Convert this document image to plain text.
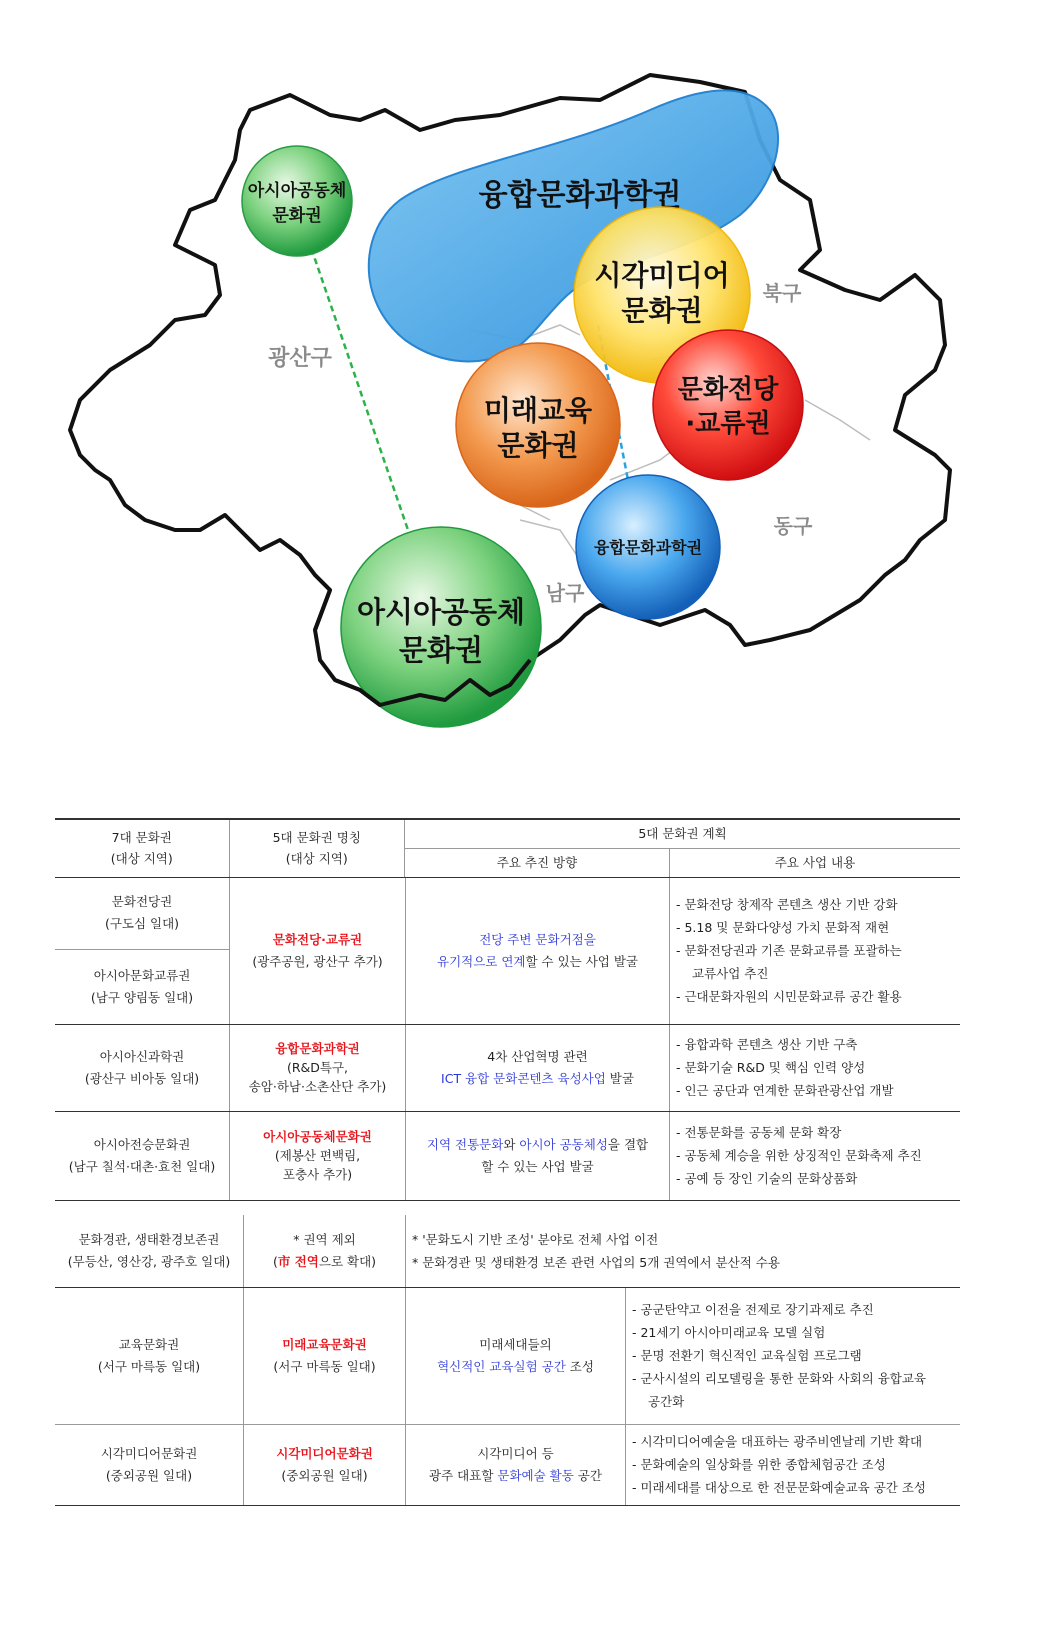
광산구
북구
동구
남구
융합문화과학권
아시아공동체
문화권
시각미디어
문화권
문화전당
·교류권
미래교육
문화권
융합문화과학권
아시아공동체
문화권
7대 문화권
(대상 지역)
5대 문화권 명칭
(대상 지역)
5대 문화권 계획
주요 추진 방향	주요 사업 내용
문화전당권
(구도심 일대)
아시아문화교류권
(남구 양림동 일대)
문화전당·교류권
(광주공원, 광산구 추가)
전당 주변 문화거점을
유기적으로 연계할 수 있는 사업 발굴
- 문화전당 창제작 콘텐츠 생산 기반 강화
- 5.18 및 문화다양성 가치 문화적 재현
- 문화전당권과 기존 문화교류를 포괄하는
교류사업 추진
- 근대문화자원의 시민문화교류 공간 활용
아시아신과학권
(광산구 비아동 일대)
융합문화과학권
(R&D특구,
송암·하남·소촌산단 추가)
4차 산업혁명 관련
ICT 융합 문화콘텐츠 육성사업 발굴
- 융합과학 콘텐츠 생산 기반 구축
- 문화기술 R&D 및 핵심 인력 양성
- 인근 공단과 연계한 문화관광산업 개발
아시아전승문화권
(남구 칠석·대촌·효천 일대)
아시아공동체문화권
(제봉산 편백림,
포충사 추가)
지역 전통문화와 아시아 공동체성을 결합
할 수 있는 사업 발굴
- 전통문화를 공동체 문화 확장
- 공동체 계승을 위한 상징적인 문화축제 추진
- 공예 등 장인 기술의 문화상품화
문화경관, 생태환경보존권
(무등산, 영산강, 광주호 일대)
* 권역 제외
(市 전역으로 확대)
* '문화도시 기반 조성' 분야로 전체 사업 이전
* 문화경관 및 생태환경 보존 관련 사업의 5개 권역에서 분산적 수용
교육문화권
(서구 마륵동 일대)
미래교육문화권
(서구 마륵동 일대)
미래세대들의
혁신적인 교육실험 공간 조성
- 공군탄약고 이전을 전제로 장기과제로 추진
- 21세기 아시아미래교육 모델 실험
- 문명 전환기 혁신적인 교육실험 프로그램
- 군사시설의 리모델링을 통한 문화와 사회의 융합교육
공간화
시각미디어문화권
(중외공원 일대)
시각미디어문화권
(중외공원 일대)
시각미디어 등
광주 대표할 문화예술 활동 공간
- 시각미디어예술을 대표하는 광주비엔날레 기반 확대
- 문화예술의 일상화를 위한 종합체험공간 조성
- 미래세대를 대상으로 한 전문문화예술교육 공간 조성
